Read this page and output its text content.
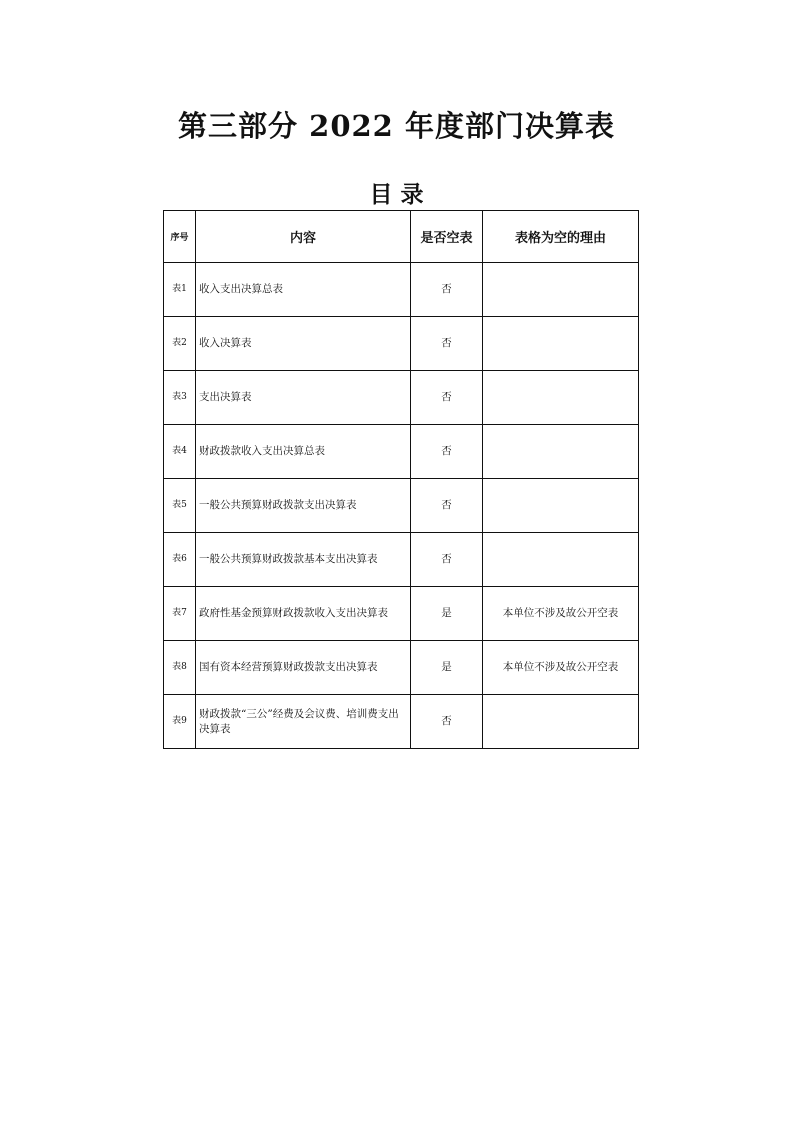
第三部分 2022 年度部门决算表
目 录
序号	内容	是否空表	表格为空的理由
表1	收入支出决算总表	否	
表2	收入决算表	否	
表3	支出决算表	否	
表4	财政拨款收入支出决算总表	否	
表5	一般公共预算财政拨款支出决算表	否	
表6	一般公共预算财政拨款基本支出决算表	否	
表7	政府性基金预算财政拨款收入支出决算表	是	本单位不涉及故公开空表
表8	国有资本经营预算财政拨款支出决算表	是	本单位不涉及故公开空表
表9	财政拨款“三公”经费及会议费、培训费支出决算表	否	
